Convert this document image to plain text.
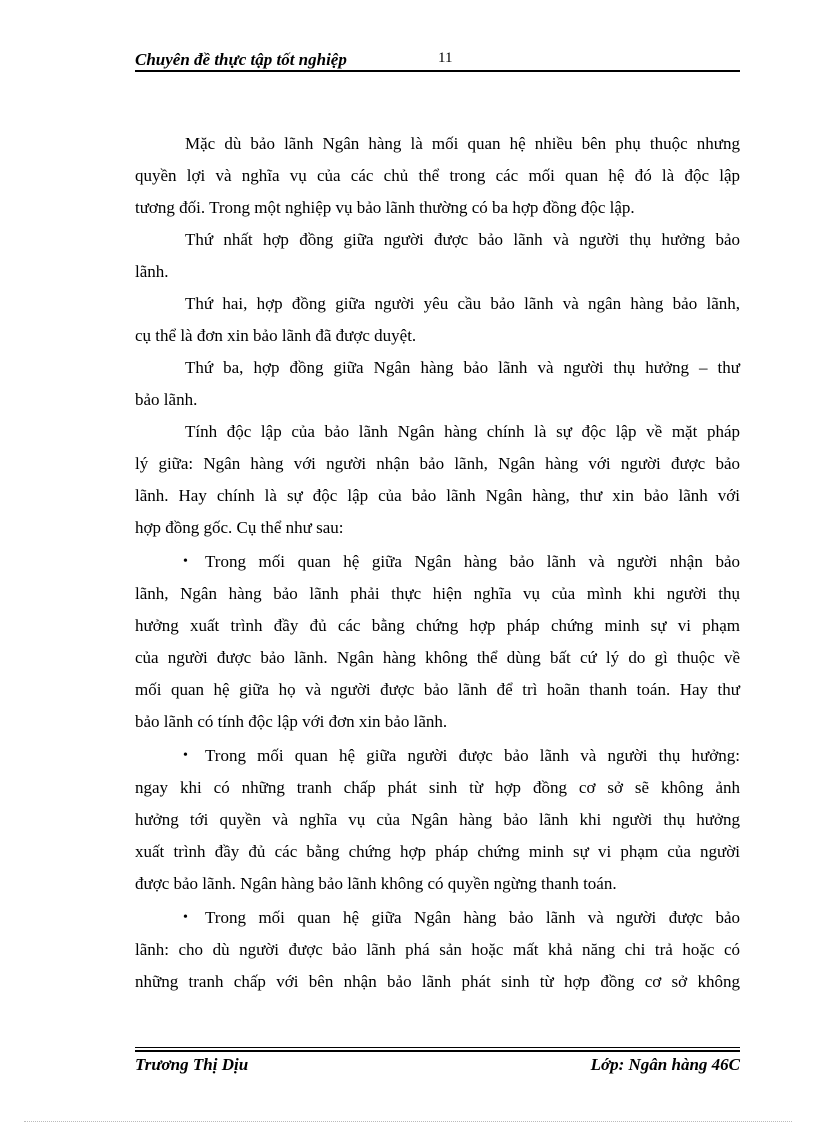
Chuyên đề thực tập tốt nghiệp	11
Mặc dù bảo lãnh Ngân hàng là mối quan hệ nhiều bên phụ thuộc nhưng
quyền lợi và nghĩa vụ của các chủ thể trong các mối quan hệ đó là độc lập
tương đối. Trong một nghiệp vụ bảo lãnh thường có ba hợp đồng độc lập.
Thứ nhất hợp đồng giữa người được bảo lãnh và người thụ hưởng bảo
lãnh.
Thứ hai, hợp đồng giữa người yêu cầu bảo lãnh và ngân hàng bảo lãnh,
cụ thể là đơn xin bảo lãnh đã được duyệt.
Thứ ba, hợp đồng giữa Ngân hàng bảo lãnh và người thụ hưởng – thư
bảo lãnh.
Tính độc lập của bảo lãnh Ngân hàng chính là sự độc lập về mặt pháp
lý giữa: Ngân hàng với người nhận bảo lãnh, Ngân hàng với người được bảo
lãnh. Hay chính là sự độc lập của bảo lãnh Ngân hàng, thư xin bảo lãnh với
hợp đồng gốc. Cụ thể như sau:
• Trong mối quan hệ giữa Ngân hàng bảo lãnh và người nhận bảo
lãnh, Ngân hàng bảo lãnh phải thực hiện nghĩa vụ của mình khi người thụ
hưởng xuất trình đầy đủ các bằng chứng hợp pháp chứng minh sự vi phạm
của người được bảo lãnh. Ngân hàng không thể dùng bất cứ lý do gì thuộc về
mối quan hệ giữa họ và người được bảo lãnh để trì hoãn thanh toán. Hay thư
bảo lãnh có tính độc lập với đơn xin bảo lãnh.
• Trong mối quan hệ giữa người được bảo lãnh và người thụ hưởng:
ngay khi có những tranh chấp phát sinh từ hợp đồng cơ sở sẽ không ảnh
hưởng tới quyền và nghĩa vụ của Ngân hàng bảo lãnh khi người thụ hưởng
xuất trình đầy đủ các bằng chứng hợp pháp chứng minh sự vi phạm của người
được bảo lãnh. Ngân hàng bảo lãnh không có quyền ngừng thanh toán.
• Trong mối quan hệ giữa Ngân hàng bảo lãnh và người được bảo
lãnh: cho dù người được bảo lãnh phá sản hoặc mất khả năng chi trả hoặc có
những tranh chấp với bên nhận bảo lãnh phát sinh từ hợp đồng cơ sở không
Trương Thị Dịu	Lớp: Ngân hàng 46C
